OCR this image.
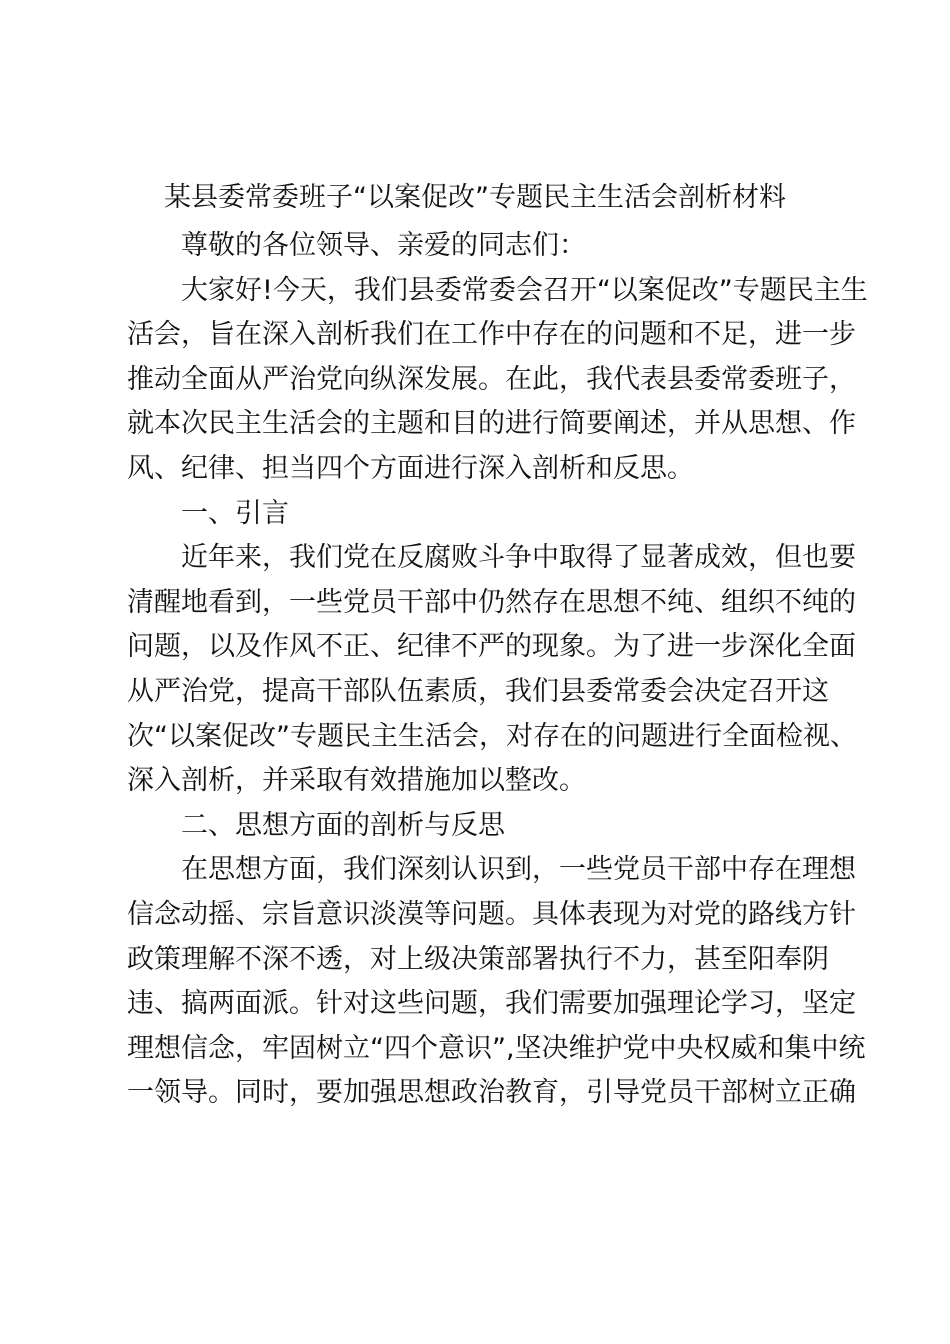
某县委常委班子“以案促改”专题民主生活会剖析材料
尊敬的各位领导、亲爱的同志们：
大家好!今天，我们县委常委会召开“以案促改”专题民主生
活会，旨在深入剖析我们在工作中存在的问题和不足，进一步
推动全面从严治党向纵深发展。在此，我代表县委常委班子，
就本次民主生活会的主题和目的进行简要阐述，并从思想、作
风、纪律、担当四个方面进行深入剖析和反思。
一、引言
近年来，我们党在反腐败斗争中取得了显著成效，但也要
清醒地看到，一些党员干部中仍然存在思想不纯、组织不纯的
问题，以及作风不正、纪律不严的现象。为了进一步深化全面
从严治党，提高干部队伍素质，我们县委常委会决定召开这
次“以案促改”专题民主生活会，对存在的问题进行全面检视、
深入剖析，并采取有效措施加以整改。
二、思想方面的剖析与反思
在思想方面，我们深刻认识到，一些党员干部中存在理想
信念动摇、宗旨意识淡漠等问题。具体表现为对党的路线方针
政策理解不深不透，对上级决策部署执行不力，甚至阳奉阴
违、搞两面派。针对这些问题，我们需要加强理论学习，坚定
理想信念，牢固树立“四个意识”,坚决维护党中央权威和集中统
一领导。同时，要加强思想政治教育，引导党员干部树立正确
